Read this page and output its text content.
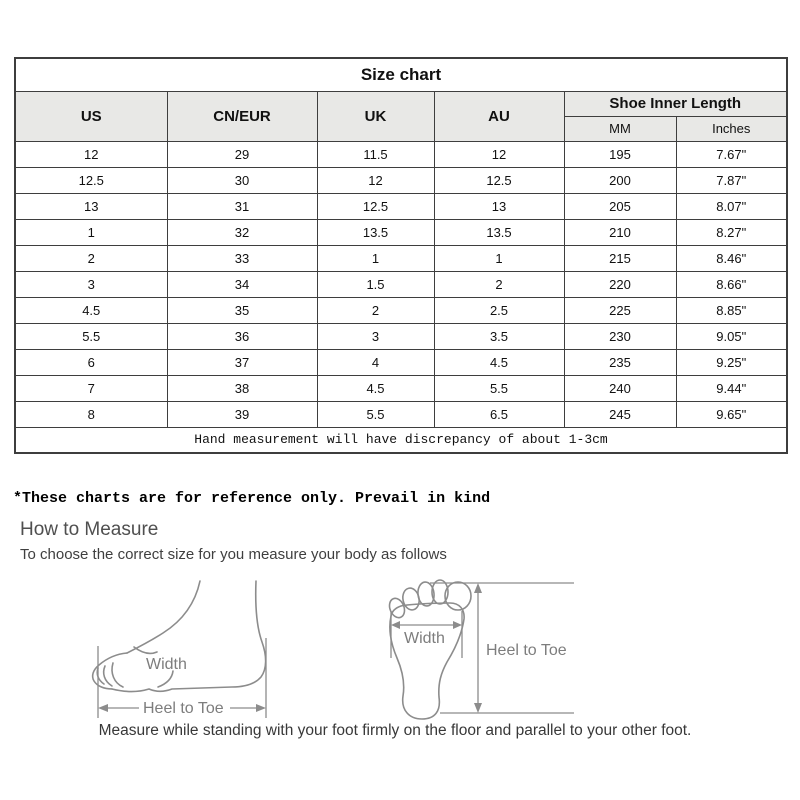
Size chart					
US	CN/EUR	UK	AU	Shoe Inner Length	
				MM	Inches
12	29	11.5	12	195	7.67"
12.5	30	12	12.5	200	7.87"
13	31	12.5	13	205	8.07"
1	32	13.5	13.5	210	8.27"
2	33	1	1	215	8.46"
3	34	1.5	2	220	8.66"
4.5	35	2	2.5	225	8.85"
5.5	36	3	3.5	230	9.05"
6	37	4	4.5	235	9.25"
7	38	4.5	5.5	240	9.44"
8	39	5.5	6.5	245	9.65"
Hand measurement will have discrepancy of about 1-3cm					
*These charts are for reference only. Prevail in kind
How to Measure
To choose the correct size for you measure your body as follows
Width
Heel to Toe
Width
Heel to Toe
Measure while standing with your foot firmly on the floor and parallel to your other foot.
